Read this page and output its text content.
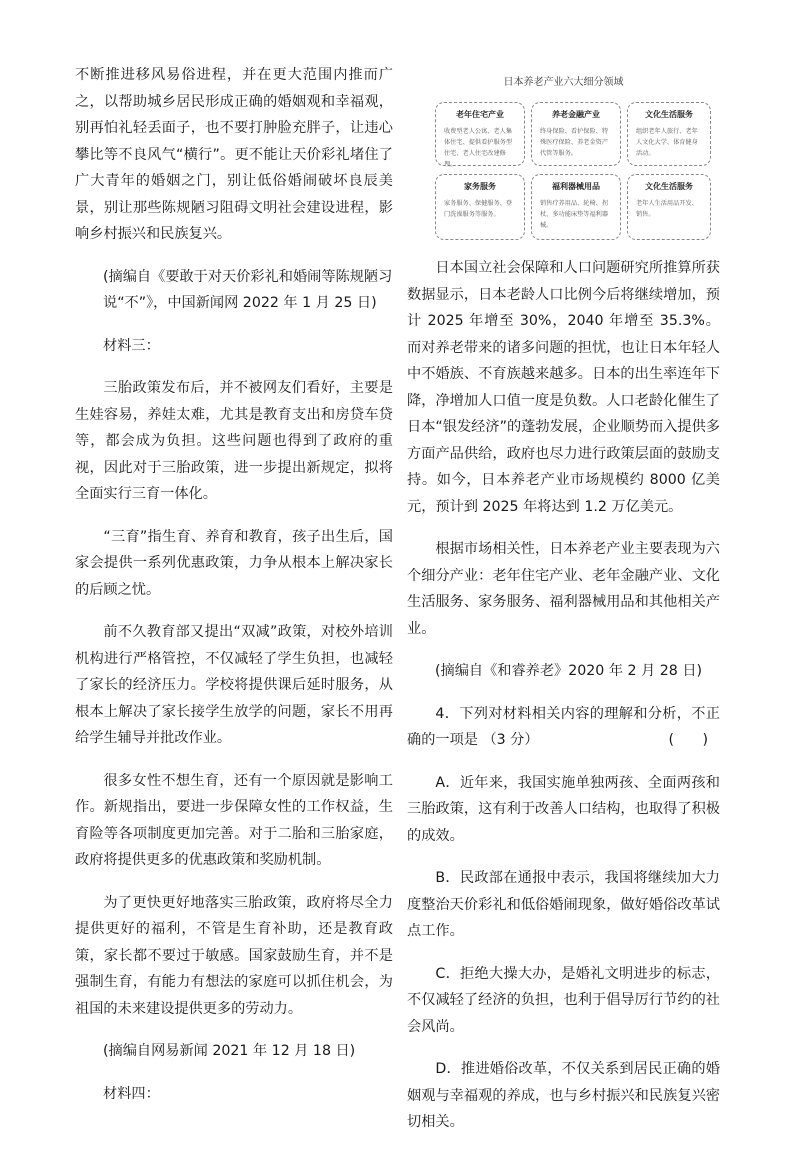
不断推进移风易俗进程，并在更大范围内推而广之，以帮助城乡居民形成正确的婚姻观和幸福观，别再怕礼轻丢面子，也不要打肿脸充胖子，让违心攀比等不良风气“横行”。更不能让天价彩礼堵住了广大青年的婚姻之门，别让低俗婚闹破坏良辰美景，别让那些陈规陋习阻碍文明社会建设进程，影响乡村振兴和民族复兴。

(摘编自《要敢于对天价彩礼和婚闹等陈规陋习说“不”》，中国新闻网 2022 年 1 月 25 日)

材料三：

三胎政策发布后，并不被网友们看好，主要是生娃容易，养娃太难，尤其是教育支出和房贷车贷等，都会成为负担。这些问题也得到了政府的重视，因此对于三胎政策，进一步提出新规定，拟将全面实行三育一体化。

“三育”指生育、养育和教育，孩子出生后，国家会提供一系列优惠政策，力争从根本上解决家长的后顾之忧。

前不久教育部又提出“双减”政策，对校外培训机构进行严格管控，不仅减轻了学生负担，也减轻了家长的经济压力。学校将提供课后延时服务，从根本上解决了家长接学生放学的问题，家长不用再给学生辅导并批改作业。

很多女性不想生育，还有一个原因就是影响工作。新规指出，要进一步保障女性的工作权益，生育险等各项制度更加完善。对于二胎和三胎家庭，政府将提供更多的优惠政策和奖励机制。

为了更快更好地落实三胎政策，政府将尽全力提供更好的福利，不管是生育补助，还是教育政策，家长都不要过于敏感。国家鼓励生育，并不是强制生育，有能力有想法的家庭可以抓住机会，为祖国的未来建设提供更多的劳动力。

(摘编自网易新闻 2021 年 12 月 18 日)

材料四：

日本养老产业六大细分领域
老年住宅产业
收费型老人公寓、老人集体住宅、提供看护服务型住宅、老人住宅改建修理。
养老金融产业
终身保险、看护保险、特殊医疗保险、养老金资产代管等服务。
文化生活服务
组织老年人旅行、老年人文化大学、体育健身活动。
家务服务
家务服务、保健服务、登门洗澡服务等服务。
福利器械用品
销售疗养用品、轮椅、拐杖、多功能床垫等福利器械。
文化生活服务
老年人生活用品开发、销售。

日本国立社会保障和人口问题研究所推算所获数据显示，日本老龄人口比例今后将继续增加，预计 2025 年增至 30%，2040 年增至 35.3%。而对养老带来的诸多问题的担忧，也让日本年轻人中不婚族、不育族越来越多。日本的出生率连年下降，净增加人口值一度是负数。人口老龄化催生了日本“银发经济”的蓬勃发展，企业顺势而入提供多方面产品供给，政府也尽力进行政策层面的鼓励支持。如今，日本养老产业市场规模约 8000 亿美元，预计到 2025 年将达到 1.2 万亿美元。

根据市场相关性，日本养老产业主要表现为六个细分产业：老年住宅产业、老年金融产业、文化生活服务、家务服务、福利器械用品和其他相关产业。

(摘编自《和睿养老》2020 年 2 月 28 日)

4．下列对材料相关内容的理解和分析，不正确的一项是 （3 分）	(　　)

A．近年来，我国实施单独两孩、全面两孩和三胎政策，这有利于改善人口结构，也取得了积极的成效。

B．民政部在通报中表示，我国将继续加大力度整治天价彩礼和低俗婚闹现象，做好婚俗改革试点工作。

C．拒绝大操大办，是婚礼文明进步的标志，不仅减轻了经济的负担，也利于倡导厉行节约的社会风尚。

D．推进婚俗改革，不仅关系到居民正确的婚姻观与幸福观的养成，也与乡村振兴和民族复兴密切相关。
